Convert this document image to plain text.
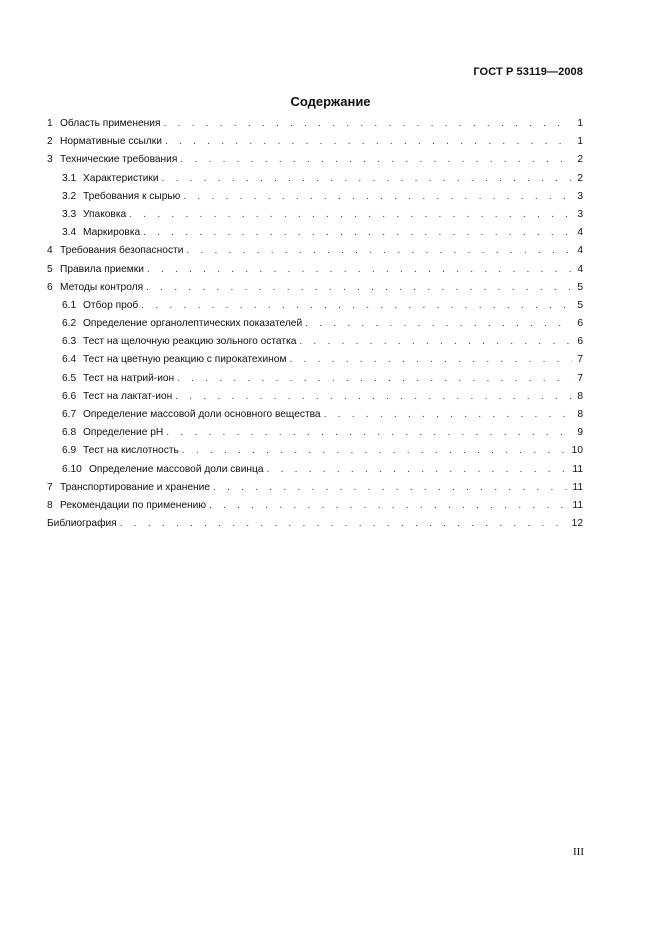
ГОСТ Р 53119—2008
Содержание
1 Область применения . . .	1
2 Нормативные ссылки . . .	1
3 Технические требования . . .	2
3.1 Характеристики . . .	2
3.2 Требования к сырью . . .	3
3.3 Упаковка . . .	3
3.4 Маркировка . . .	4
4 Требования безопасности . . .	4
5 Правила приемки . . .	4
6 Методы контроля . . .	5
6.1 Отбор проб . . .	5
6.2 Определение органолептических показателей . . .	6
6.3 Тест на щелочную реакцию зольного остатка . . .	6
6.4 Тест на цветную реакцию с пирокатехином . . .	7
6.5 Тест на натрий-ион . . .	7
6.6 Тест на лактат-ион . . .	8
6.7 Определение массовой доли основного вещества . . .	8
6.8 Определение рН . . .	9
6.9 Тест на кислотность . . .	10
6.10 Определение массовой доли свинца . . .	11
7 Транспортирование и хранение . . .	11
8 Рекомендации по применению . . .	11
Библиография . . .	12
III
